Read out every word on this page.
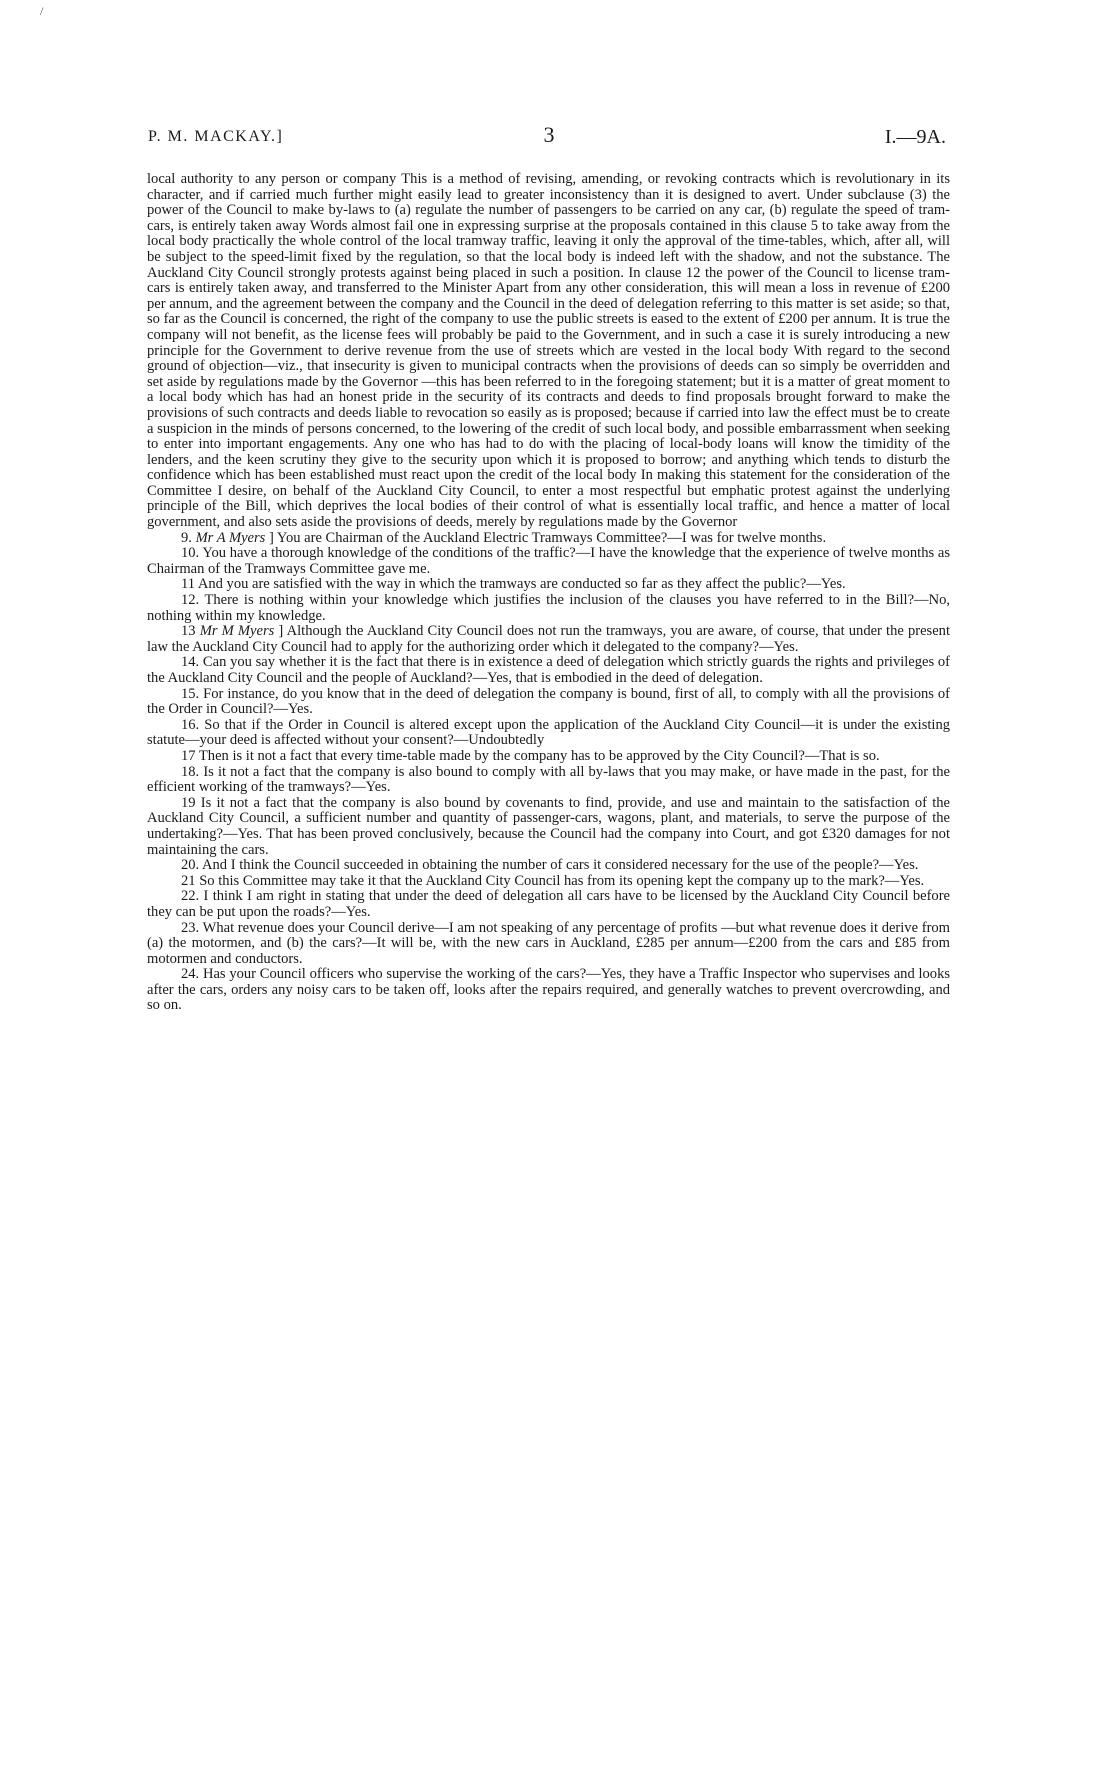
P. M. MACKAY.]	3	I.—9A.
/

local authority to any person or company This is a method of revising, amending, or revoking contracts which is revolutionary in its character, and if carried much further might easily lead to greater inconsistency than it is designed to avert. Under subclause (3) the power of the Council to make by-laws to (a) regulate the number of passengers to be carried on any car, (b) regulate the speed of tram-cars, is entirely taken away Words almost fail one in expressing surprise at the proposals contained in this clause 5 to take away from the local body practically the whole control of the local tramway traffic, leaving it only the approval of the time-tables, which, after all, will be subject to the speed-limit fixed by the regulation, so that the local body is indeed left with the shadow, and not the substance. The Auckland City Council strongly protests against being placed in such a position. In clause 12 the power of the Council to license tram-cars is entirely taken away, and transferred to the Minister Apart from any other consideration, this will mean a loss in revenue of £200 per annum, and the agreement between the company and the Council in the deed of delegation referring to this matter is set aside; so that, so far as the Council is concerned, the right of the company to use the public streets is eased to the extent of £200 per annum. It is true the company will not benefit, as the license fees will probably be paid to the Government, and in such a case it is surely introducing a new principle for the Government to derive revenue from the use of streets which are vested in the local body With regard to the second ground of objection—viz., that insecurity is given to municipal contracts when the provisions of deeds can so simply be overridden and set aside by regulations made by the Governor —this has been referred to in the foregoing statement; but it is a matter of great moment to a local body which has had an honest pride in the security of its contracts and deeds to find proposals brought forward to make the provisions of such contracts and deeds liable to revocation so easily as is proposed; because if carried into law the effect must be to create a suspicion in the minds of persons concerned, to the lowering of the credit of such local body, and possible embarrassment when seeking to enter into important engagements. Any one who has had to do with the placing of local-body loans will know the timidity of the lenders, and the keen scrutiny they give to the security upon which it is proposed to borrow; and anything which tends to disturb the confidence which has been established must react upon the credit of the local body In making this statement for the consideration of the Committee I desire, on behalf of the Auckland City Council, to enter a most respectful but emphatic protest against the underlying principle of the Bill, which deprives the local bodies of their control of what is essentially local traffic, and hence a matter of local government, and also sets aside the provisions of deeds, merely by regulations made by the Governor

9. Mr A Myers ] You are Chairman of the Auckland Electric Tramways Committee?—I was for twelve months.

10. You have a thorough knowledge of the conditions of the traffic?—I have the knowledge that the experience of twelve months as Chairman of the Tramways Committee gave me.

11 And you are satisfied with the way in which the tramways are conducted so far as they affect the public?—Yes.

12. There is nothing within your knowledge which justifies the inclusion of the clauses you have referred to in the Bill?—No, nothing within my knowledge.

13 Mr M Myers ] Although the Auckland City Council does not run the tramways, you are aware, of course, that under the present law the Auckland City Council had to apply for the authorizing order which it delegated to the company?—Yes.

14. Can you say whether it is the fact that there is in existence a deed of delegation which strictly guards the rights and privileges of the Auckland City Council and the people of Auckland?—Yes, that is embodied in the deed of delegation.

15. For instance, do you know that in the deed of delegation the company is bound, first of all, to comply with all the provisions of the Order in Council?—Yes.

16. So that if the Order in Council is altered except upon the application of the Auckland City Council—it is under the existing statute—your deed is affected without your consent?—Undoubtedly

17 Then is it not a fact that every time-table made by the company has to be approved by the City Council?—That is so.

18. Is it not a fact that the company is also bound to comply with all by-laws that you may make, or have made in the past, for the efficient working of the tramways?—Yes.

19 Is it not a fact that the company is also bound by covenants to find, provide, and use and maintain to the satisfaction of the Auckland City Council, a sufficient number and quantity of passenger-cars, wagons, plant, and materials, to serve the purpose of the undertaking?—Yes. That has been proved conclusively, because the Council had the company into Court, and got £320 damages for not maintaining the cars.

20. And I think the Council succeeded in obtaining the number of cars it considered necessary for the use of the people?—Yes.

21 So this Committee may take it that the Auckland City Council has from its opening kept the company up to the mark?—Yes.

22. I think I am right in stating that under the deed of delegation all cars have to be licensed by the Auckland City Council before they can be put upon the roads?—Yes.

23. What revenue does your Council derive—I am not speaking of any percentage of profits —but what revenue does it derive from (a) the motormen, and (b) the cars?—It will be, with the new cars in Auckland, £285 per annum—£200 from the cars and £85 from motormen and conductors.

24. Has your Council officers who supervise the working of the cars?—Yes, they have a Traffic Inspector who supervises and looks after the cars, orders any noisy cars to be taken off, looks after the repairs required, and generally watches to prevent overcrowding, and so on.
